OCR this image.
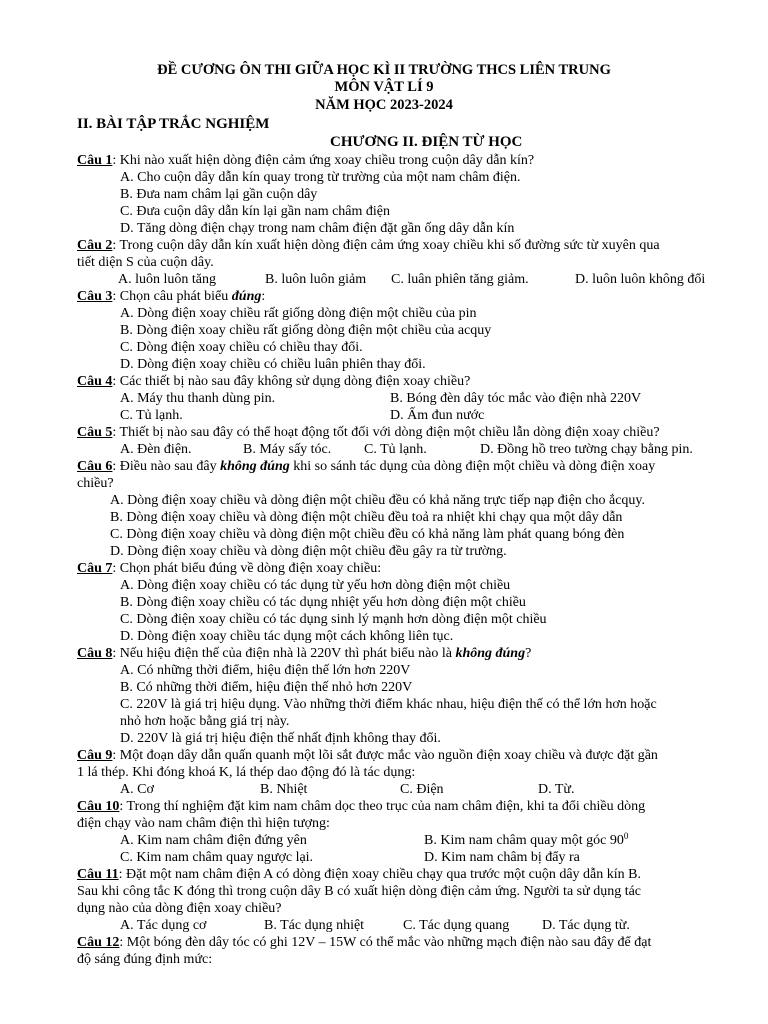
ĐỀ CƯƠNG ÔN THI GIỮA HỌC KÌ II TRƯỜNG THCS LIÊN TRUNG
MÔN VẬT LÍ 9
NĂM HỌC 2023-2024
II. BÀI TẬP TRẮC NGHIỆM
CHƯƠNG II. ĐIỆN TỪ HỌC
Câu 1: Khi nào xuất hiện dòng điện cảm ứng xoay chiều trong cuộn dây dẫn kín?
A. Cho cuộn dây dẫn kín quay trong từ trường của một nam châm điện.
B. Đưa nam châm lại gần cuộn dây
C. Đưa cuộn dây dẫn kín lại gần nam châm điện
D. Tăng dòng điện chạy trong nam châm điện đặt gần ống dây dẫn kín
Câu 2: Trong cuộn dây dẫn kín xuất hiện dòng điện cảm ứng xoay chiều khi số đường sức từ xuyên qua
tiết diện S của cuộn dây.
A. luôn luôn tăng	B. luôn luôn giảm C. luân phiên tăng giảm.	D. luôn luôn không đổi
Câu 3: Chọn câu phát biểu đúng:
A. Dòng điện xoay chiều rất giống dòng điện một chiều của pin
B. Dòng điện xoay chiều rất giống dòng điện một chiều của acquy
C. Dòng điện xoay chiều có chiều thay đổi.
D. Dòng điện xoay chiều có chiều luân phiên thay đổi.
Câu 4: Các thiết bị nào sau đây không sử dụng dòng điện xoay chiều?
A. Máy thu thanh dùng pin.	B. Bóng đèn dây tóc mắc vào điện nhà 220V
C. Tủ lạnh.	D. Ấm đun nước
Câu 5: Thiết bị nào sau đây có thể hoạt động tốt đối với dòng điện một chiều lẫn dòng điện xoay chiều?
A. Đèn điện.	B. Máy sấy tóc. C. Tủ lạnh.	D. Đồng hồ treo tường chạy bằng pin.
Câu 6: Điều nào sau đây không đúng khi so sánh tác dụng của dòng điện một chiều và dòng điện xoay
chiều?
A. Dòng điện xoay chiều và dòng điện một chiều đều có khả năng trực tiếp nạp điện cho ắcquy.
B. Dòng điện xoay chiều và dòng điện một chiều đều toả ra nhiệt khi chạy qua một dây dẫn
C. Dòng điện xoay chiều và dòng điện một chiều đều có khả năng làm phát quang bóng đèn
D. Dòng điện xoay chiều và dòng điện một chiều đều gây ra từ trường.
Câu 7: Chọn phát biểu đúng về dòng điện xoay chiều:
A. Dòng điện xoay chiều có tác dụng từ yếu hơn dòng điện một chiều
B. Dòng điện xoay chiều có tác dụng nhiệt yếu hơn dòng điện một chiều
C. Dòng điện xoay chiều có tác dụng sinh lý mạnh hơn dòng điện một chiều
D. Dòng điện xoay chiều tác dụng một cách không liên tục.
Câu 8: Nếu hiệu điện thế của điện nhà là 220V thì phát biểu nào là không đúng?
A. Có những thời điểm, hiệu điện thế lớn hơn 220V
B. Có những thời điểm, hiệu điện thế nhỏ hơn 220V
C. 220V là giá trị hiệu dụng. Vào những thời điểm khác nhau, hiệu điện thế có thể lớn hơn hoặc
nhỏ hơn hoặc bằng giá trị này.
D. 220V là giá trị hiệu điện thế nhất định không thay đổi.
Câu 9: Một đoạn dây dẫn quấn quanh một lõi sắt được mắc vào nguồn điện xoay chiều và được đặt gần
1 lá thép. Khi đóng khoá K, lá thép dao động đó là tác dụng:
A. Cơ	B. Nhiệt	C. Điện	D. Từ.
Câu 10: Trong thí nghiệm đặt kim nam châm dọc theo trục của nam châm điện, khi ta đổi chiều dòng
điện chạy vào nam châm điện thì hiện tượng:
A. Kim nam châm điện đứng yên	B. Kim nam châm quay một góc $90^0$
C. Kim nam châm quay ngược lại.	D. Kim nam châm bị đẩy ra
Câu 11: Đặt một nam châm điện A có dòng điện xoay chiều chạy qua trước một cuộn dây dẫn kín B.
Sau khi công tắc K đóng thì trong cuộn dây B có xuất hiện dòng điện cảm ứng. Người ta sử dụng tác
dụng nào của dòng điện xoay chiều?
A. Tác dụng cơ	B. Tác dụng nhiệt	C. Tác dụng quang D. Tác dụng từ.
Câu 12: Một bóng đèn dây tóc có ghi 12V – 15W có thể mắc vào những mạch điện nào sau đây để đạt
độ sáng đúng định mức:
